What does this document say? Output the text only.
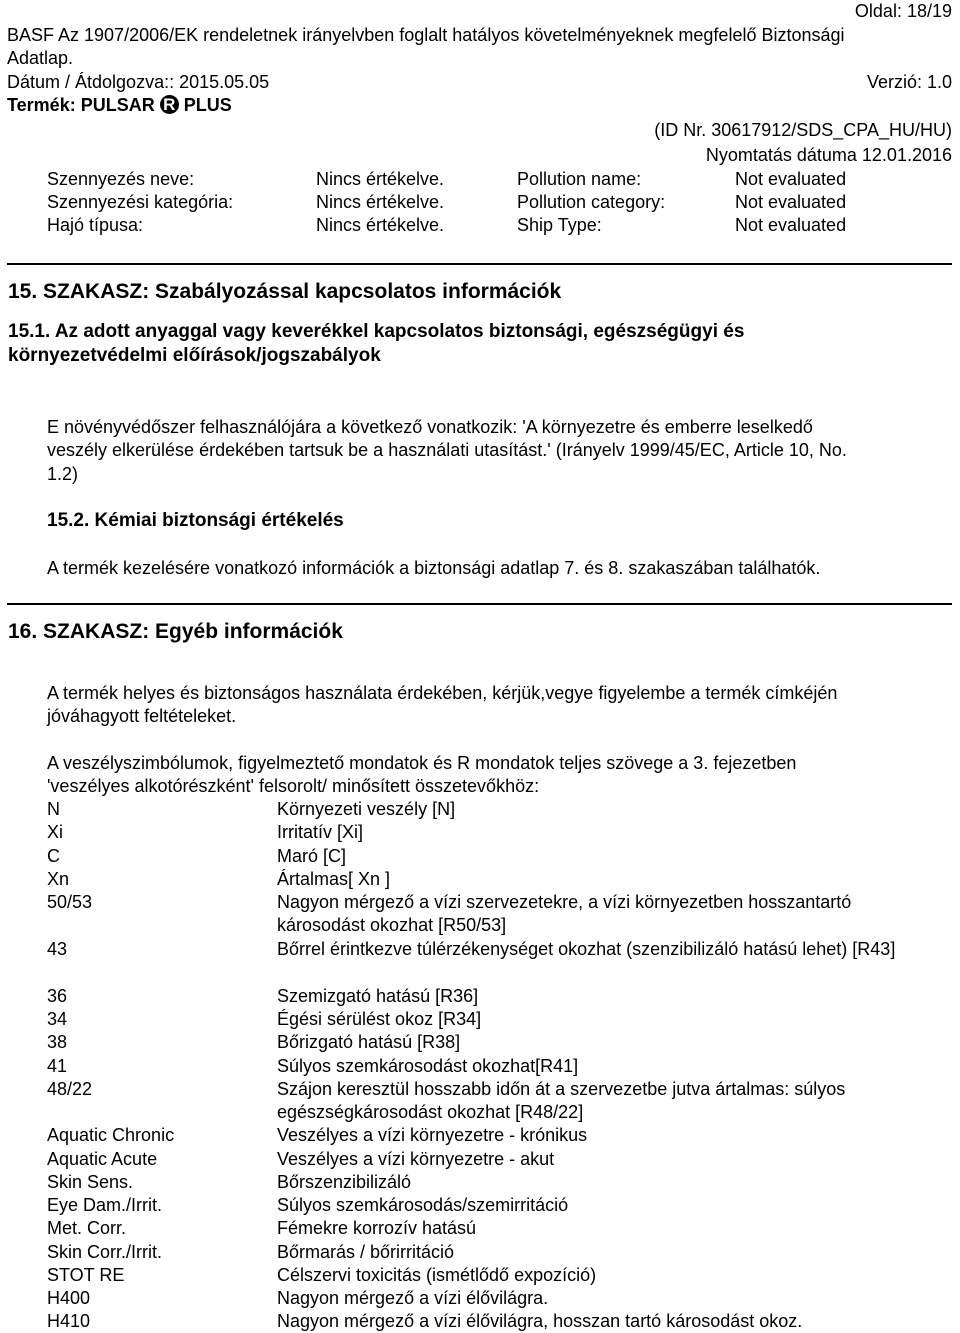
Oldal: 18/19
BASF Az 1907/2006/EK rendeletnek irányelvben foglalt hatályos követelményeknek megfelelő Biztonsági
Adatlap.
Dátum / Átdolgozva:: 2015.05.05	Verzió: 1.0
Termék: PULSAR R PLUS
(ID Nr. 30617912/SDS_CPA_HU/HU)
Nyomtatás dátuma 12.01.2016
Szennyezés neve:	Nincs értékelve.	Pollution name:	Not evaluated
Szennyezési kategória:	Nincs értékelve.	Pollution category:	Not evaluated
Hajó típusa:	Nincs értékelve.	Ship Type:	Not evaluated
15. SZAKASZ: Szabályozással kapcsolatos információk
15.1. Az adott anyaggal vagy keverékkel kapcsolatos biztonsági, egészségügyi és
környezetvédelmi előírások/jogszabályok
E növényvédőszer felhasználójára a következő vonatkozik: 'A környezetre és emberre leselkedő
veszély elkerülése érdekében tartsuk be a használati utasítást.' (Irányelv 1999/45/EC, Article 10, No.
1.2)
15.2. Kémiai biztonsági értékelés
A termék kezelésére vonatkozó információk a biztonsági adatlap 7. és 8. szakaszában találhatók.
16. SZAKASZ: Egyéb információk
A termék helyes és biztonságos használata érdekében, kérjük,vegye figyelembe a termék címkéjén
jóváhagyott feltételeket.
A veszélyszimbólumok, figyelmeztető mondatok és R mondatok teljes szövege a 3. fejezetben
'veszélyes alkotórészként' felsorolt/ minősített összetevőkhöz:
N	Környezeti veszély [N]
Xi	Irritatív [Xi]
C	Maró [C]
Xn	Ártalmas[ Xn ]
50/53	Nagyon mérgező a vízi szervezetekre, a vízi környezetben hosszantartó károsodást okozhat [R50/53]
43	Bőrrel érintkezve túlérzékenységet okozhat (szenzibilizáló hatású lehet) [R43]
36	Szemizgató hatású [R36]
34	Égési sérülést okoz [R34]
38	Bőrizgató hatású [R38]
41	Súlyos szemkárosodást okozhat[R41]
48/22	Szájon keresztül hosszabb időn át a szervezetbe jutva ártalmas: súlyos egészségkárosodást okozhat [R48/22]
Aquatic Chronic	Veszélyes a vízi környezetre - krónikus
Aquatic Acute	Veszélyes a vízi környezetre - akut
Skin Sens.	Bőrszenzibilizáló
Eye Dam./Irrit.	Súlyos szemkárosodás/szemirritáció
Met. Corr.	Fémekre korrozív hatású
Skin Corr./Irrit.	Bőrmarás / bőrirritáció
STOT RE	Célszervi toxicitás (ismétlődő expozíció)
H400	Nagyon mérgező a vízi élővilágra.
H410	Nagyon mérgező a vízi élővilágra, hosszan tartó károsodást okoz.
